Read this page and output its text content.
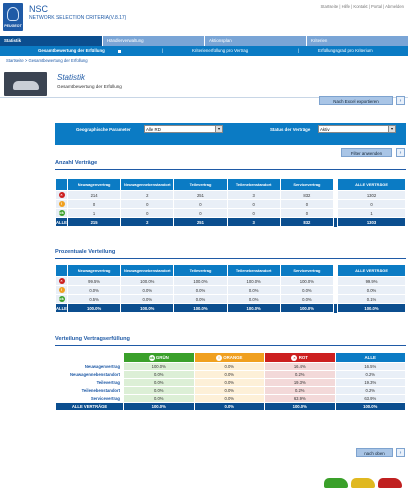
PEUGEOT
NSC
NETWORK SELECTION CRITERIA(V.8.17)
Startseite | Hilfe | Kontakt | Portal | Abmelden
Statistik	Händlerverwaltung	Aktionsplan	Kriterien
Gesamtbewertung der Erfüllung	|	Kriterienerfüllung pro Vertrag	|	Erfüllungsgrad pro Kriterium
Startseite > Gesamtbewertung der Erfüllung
Statistik
Gesamtbewertung der Erfüllung
Nach Excel exportieren	›
Geographische Parameter	Alle RD	▼	Status der Verträge	Aktiv	▼
Filter anwenden	›
Anzahl Verträge
	Neuwagenvertrag	Neuwagennebenstandort	Teilevertrag	Teilenebenstandort	Servicevertrag		ALLE VERTRÄGE
×	214	2	251	3	832		1302
!	0	0	0	0	0		0
ok	1	0	0	0	0		1
ALLE	215	2	251	3	832		1303
Prozentuale Verteilung
	Neuwagenvertrag	Neuwagennebenstandort	Teilevertrag	Teilenebenstandort	Servicevertrag		ALLE VERTRÄGE
×	99.5%	100.0%	100.0%	100.0%	100.0%		99.9%
!	0.0%	0.0%	0.0%	0.0%	0.0%		0.0%
ok	0.5%	0.0%	0.0%	0.0%	0.0%		0.1%
ALLE	100.0%	100.0%	100.0%	100.0%	100.0%		100.0%
Verteilung Vertragserfüllung
	ok GRÜN	! ORANGE	× ROT	ALLE
Neuwagenvertrag	100.0%	0.0%	16.4%	16.5%
Neuwagennebenstandort	0.0%	0.0%	0.2%	0.2%
Teilevertrag	0.0%	0.0%	19.3%	19.3%
Teilenebenstandort	0.0%	0.0%	0.2%	0.2%
Servicevertrag	0.0%	0.0%	63.9%	63.9%
ALLE VERTRÄGE	100.0%	0.0%	100.0%	100.0%
nach oben	›
